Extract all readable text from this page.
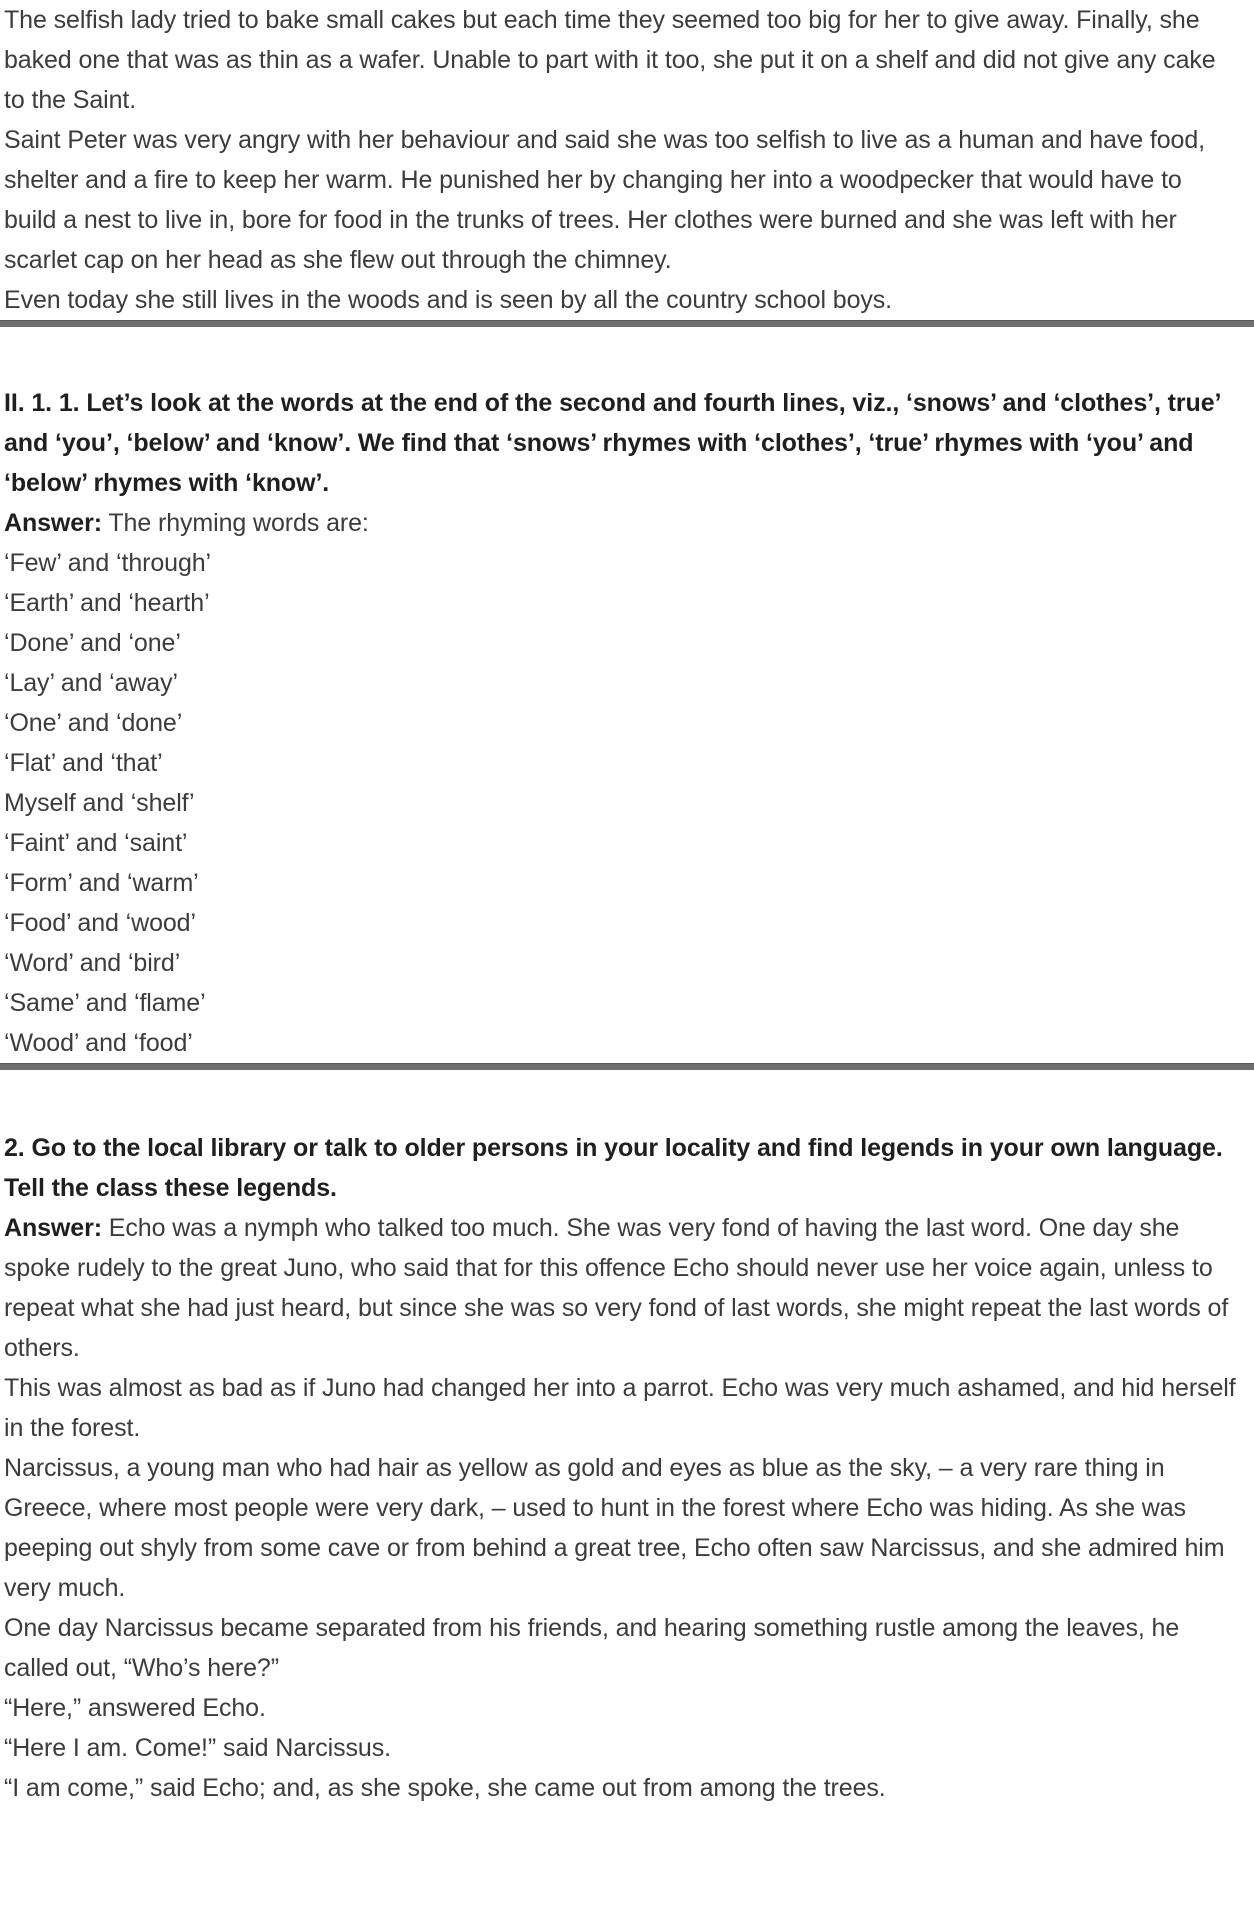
The selfish lady tried to bake small cakes but each time they seemed too big for her to give away. Finally, she baked one that was as thin as a wafer. Unable to part with it too, she put it on a shelf and did not give any cake to the Saint.

Saint Peter was very angry with her behaviour and said she was too selfish to live as a human and have food, shelter and a fire to keep her warm. He punished her by changing her into a woodpecker that would have to build a nest to live in, bore for food in the trunks of trees. Her clothes were burned and she was left with her scarlet cap on her head as she flew out through the chimney.

Even today she still lives in the woods and is seen by all the country school boys.

II. 1. 1. Let’s look at the words at the end of the second and fourth lines, viz., ‘snows’ and ‘clothes’, true’ and ‘you’, ‘below’ and ‘know’. We find that ‘snows’ rhymes with ‘clothes’, ‘true’ rhymes with ‘you’ and ‘below’ rhymes with ‘know’.

Answer: The rhyming words are:

‘Few’ and ‘through’
‘Earth’ and ‘hearth’
‘Done’ and ‘one’
‘Lay’ and ‘away’
‘One’ and ‘done’
‘Flat’ and ‘that’
Myself and ‘shelf’
‘Faint’ and ‘saint’
‘Form’ and ‘warm’
‘Food’ and ‘wood’
‘Word’ and ‘bird’
‘Same’ and ‘flame’
‘Wood’ and ‘food’

2. Go to the local library or talk to older persons in your locality and find legends in your own language. Tell the class these legends.

Answer: Echo was a nymph who talked too much. She was very fond of having the last word. One day she spoke rudely to the great Juno, who said that for this offence Echo should never use her voice again, unless to repeat what she had just heard, but since she was so very fond of last words, she might repeat the last words of others.

This was almost as bad as if Juno had changed her into a parrot. Echo was very much ashamed, and hid herself in the forest.

Narcissus, a young man who had hair as yellow as gold and eyes as blue as the sky, – a very rare thing in Greece, where most people were very dark, – used to hunt in the forest where Echo was hiding. As she was peeping out shyly from some cave or from behind a great tree, Echo often saw Narcissus, and she admired him very much.

One day Narcissus became separated from his friends, and hearing something rustle among the leaves, he called out, “Who’s here?”

“Here,” answered Echo.

“Here I am. Come!” said Narcissus.

“I am come,” said Echo; and, as she spoke, she came out from among the trees.
